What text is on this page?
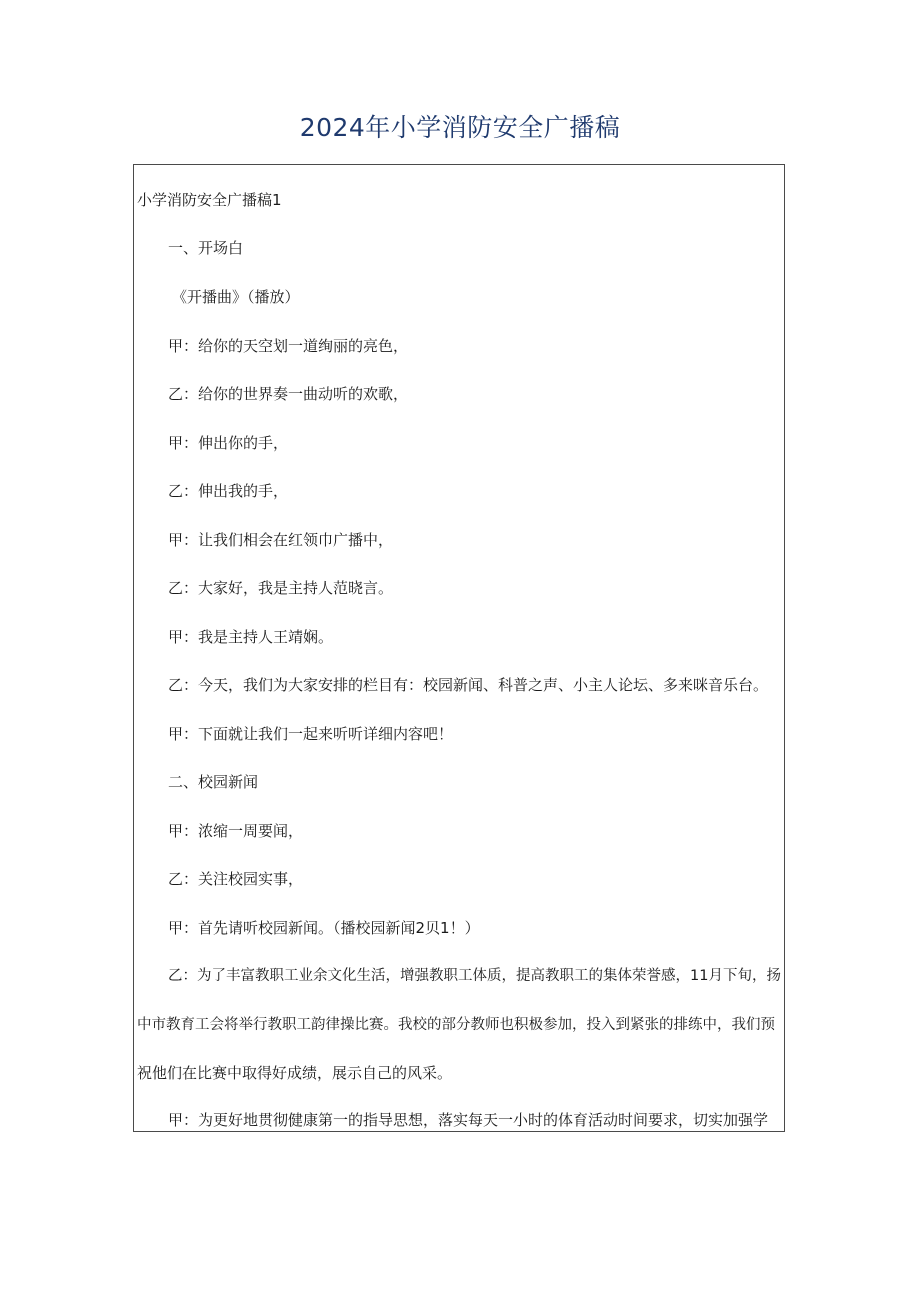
2024年小学消防安全广播稿
小学消防安全广播稿1
一、开场白
《开播曲》（播放）
甲：给你的天空划一道绚丽的亮色，
乙：给你的世界奏一曲动听的欢歌，
甲：伸出你的手，
乙：伸出我的手，
甲：让我们相会在红领巾广播中，
乙：大家好，我是主持人范晓言。
甲：我是主持人王靖娴。
乙：今天，我们为大家安排的栏目有：校园新闻、科普之声、小主人论坛、多来咪音乐台。
甲：下面就让我们一起来听听详细内容吧！
二、校园新闻
甲：浓缩一周要闻，
乙：关注校园实事，
甲：首先请听校园新闻。（播校园新闻2贝1！）
乙：为了丰富教职工业余文化生活，增强教职工体质，提高教职工的集体荣誉感，11月下旬，扬
中市教育工会将举行教职工韵律操比赛。我校的部分教师也积极参加，投入到紧张的排练中，我们预
祝他们在比赛中取得好成绩，展示自己的风采。
甲：为更好地贯彻健康第一的指导思想，落实每天一小时的体育活动时间要求，切实加强学
